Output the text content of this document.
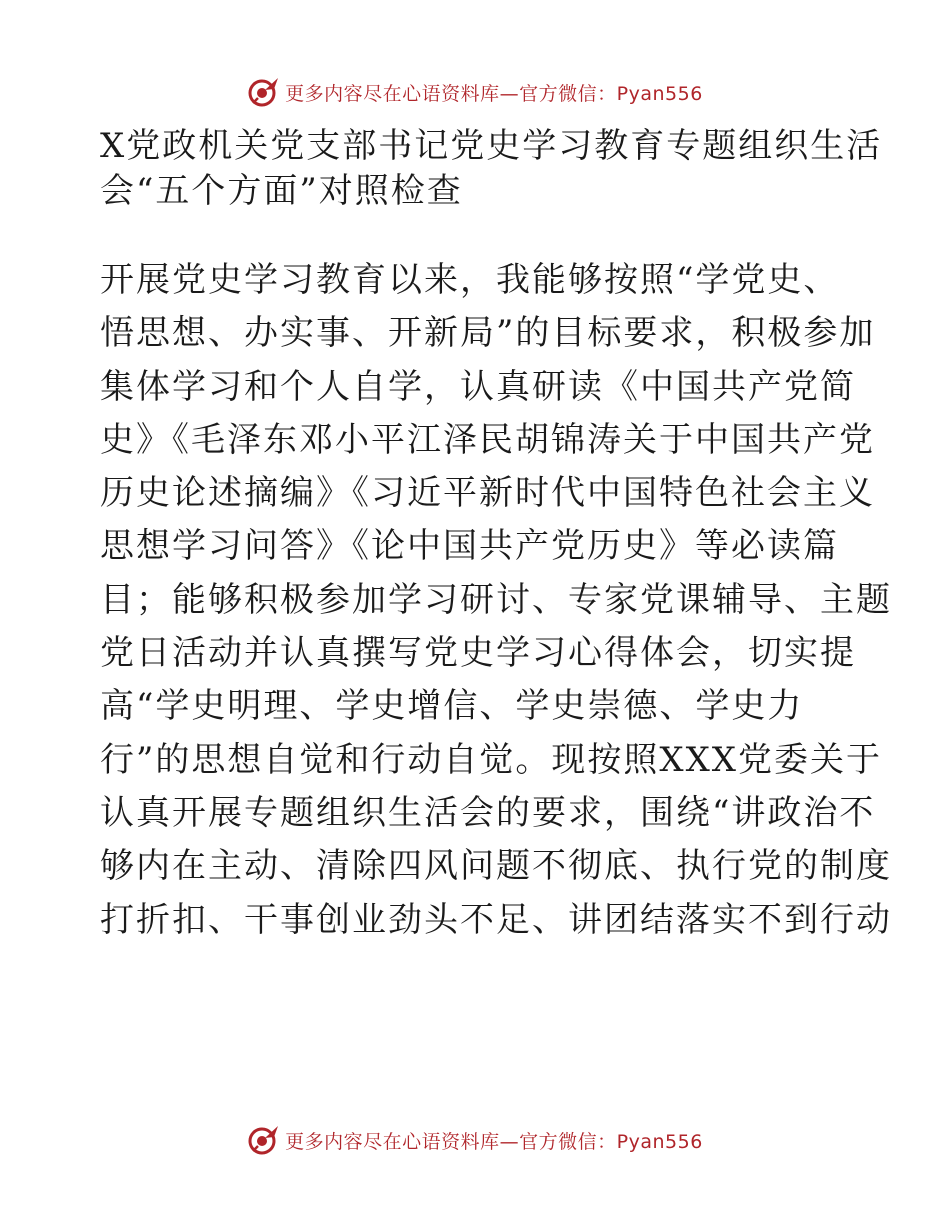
更多内容尽在心语资料库—官方微信：Pyan556
X党政机关党支部书记党史学习教育专题组织生活
会“五个方面”对照检查
开展党史学习教育以来，我能够按照“学党史、
悟思想、办实事、开新局”的目标要求，积极参加
集体学习和个人自学，认真研读《中国共产党简
史》《毛泽东邓小平江泽民胡锦涛关于中国共产党
历史论述摘编》《习近平新时代中国特色社会主义
思想学习问答》《论中国共产党历史》等必读篇
目；能够积极参加学习研讨、专家党课辅导、主题
党日活动并认真撰写党史学习心得体会，切实提
高“学史明理、学史增信、学史崇德、学史力
行”的思想自觉和行动自觉。现按照XXX党委关于
认真开展专题组织生活会的要求，围绕“讲政治不
够内在主动、清除四风问题不彻底、执行党的制度
打折扣、干事创业劲头不足、讲团结落实不到行动
更多内容尽在心语资料库—官方微信：Pyan556
